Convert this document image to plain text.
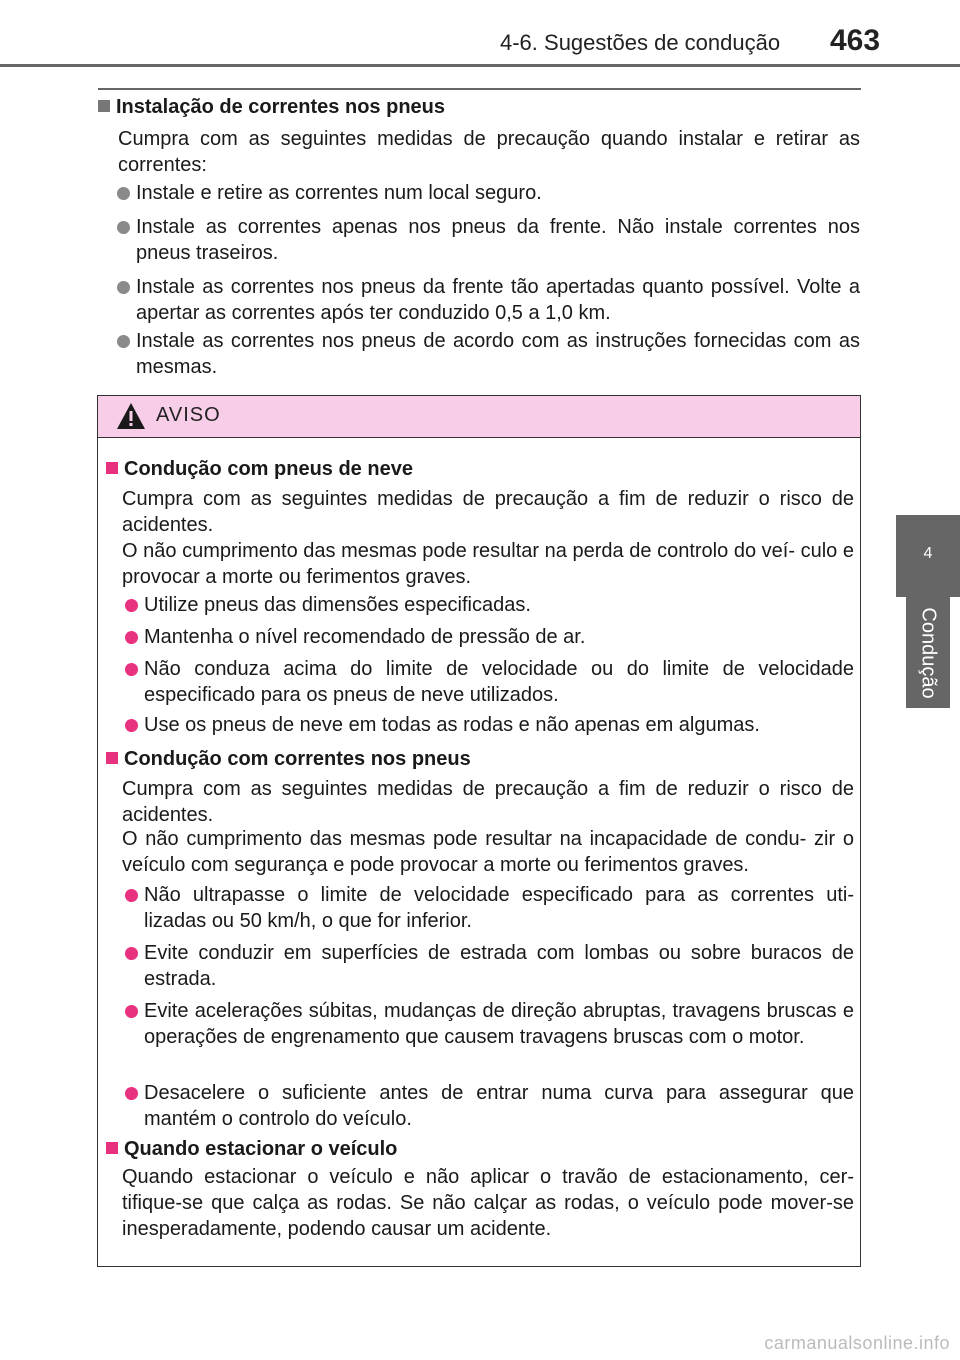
4-6. Sugestões de condução	463
4
Condução
Instalação de correntes nos pneus
Cumpra com as seguintes medidas de precaução quando instalar e retirar as correntes:
Instale e retire as correntes num local seguro.
Instale as correntes apenas nos pneus da frente. Não instale correntes nos pneus traseiros.
Instale as correntes nos pneus da frente tão apertadas quanto possível. Volte a apertar as correntes após ter conduzido 0,5 a 1,0 km.
Instale as correntes nos pneus de acordo com as instruções fornecidas com as mesmas.
AVISO
Condução com pneus de neve
Cumpra com as seguintes medidas de precaução a fim de reduzir o risco de acidentes.
O não cumprimento das mesmas pode resultar na perda de controlo do veí- culo e provocar a morte ou ferimentos graves.
Utilize pneus das dimensões especificadas.
Mantenha o nível recomendado de pressão de ar.
Não conduza acima do limite de velocidade ou do limite de velocidade especificado para os pneus de neve utilizados.
Use os pneus de neve em todas as rodas e não apenas em algumas.
Condução com correntes nos pneus
Cumpra com as seguintes medidas de precaução a fim de reduzir o risco de acidentes.
O não cumprimento das mesmas pode resultar na incapacidade de condu- zir o veículo com segurança e pode provocar a morte ou ferimentos graves.
Não ultrapasse o limite de velocidade especificado para as correntes uti- lizadas ou 50 km/h, o que for inferior.
Evite conduzir em superfícies de estrada com lombas ou sobre buracos de estrada.
Evite acelerações súbitas, mudanças de direção abruptas, travagens bruscas e operações de engrenamento que causem travagens bruscas com o motor.
Desacelere o suficiente antes de entrar numa curva para assegurar que mantém o controlo do veículo.
Quando estacionar o veículo
Quando estacionar o veículo e não aplicar o travão de estacionamento, cer- tifique-se que calça as rodas. Se não calçar as rodas, o veículo pode mover-se inesperadamente, podendo causar um acidente.
carmanualsonline.info
